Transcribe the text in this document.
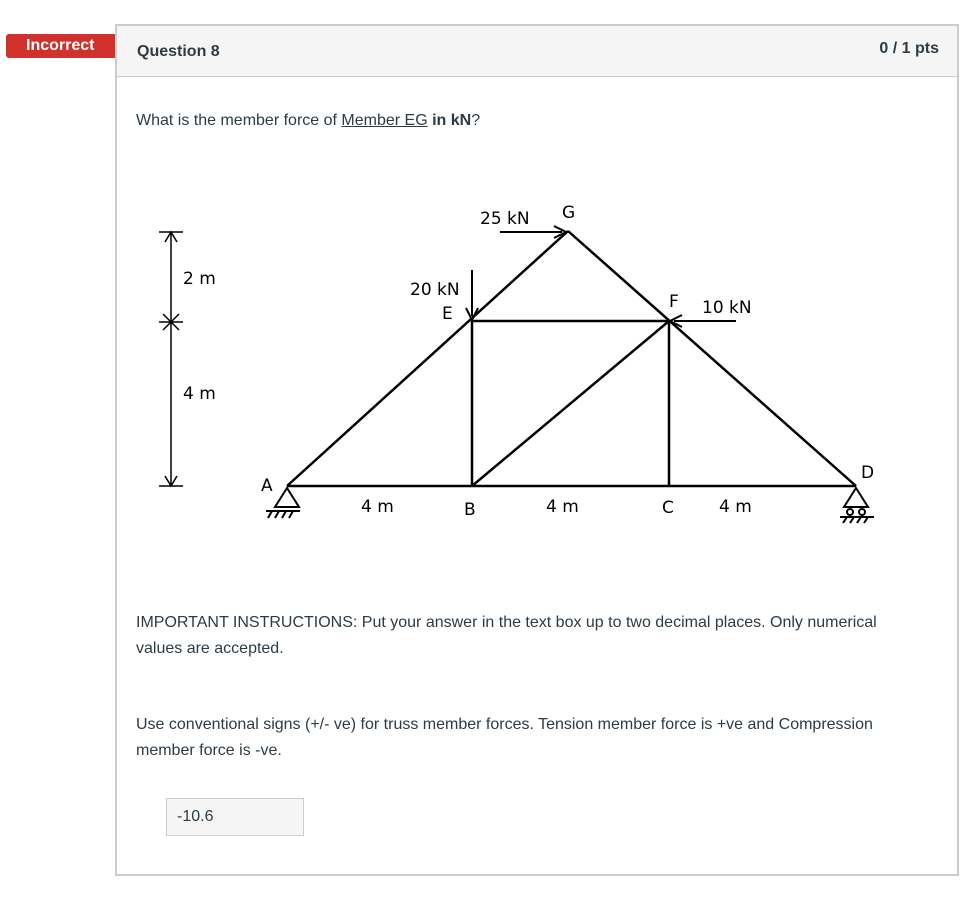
Incorrect	Question 8	0 / 1 pts
What is the member force of Member EG in kN?
A
B	C
D
E
F
G
25 kN
20 kN
10 kN
2 m
4 m
4 m	4 m	4 m
IMPORTANT INSTRUCTIONS: Put your answer in the text box up to two decimal places. Only numerical values are accepted.
Use conventional signs (+/- ve) for truss member forces. Tension member force is +ve and Compression member force is -ve.
-10.6
